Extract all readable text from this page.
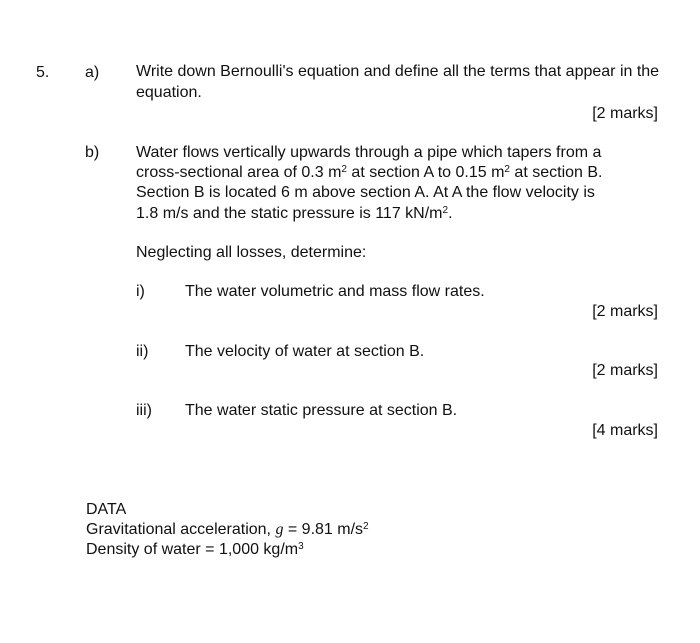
5. a) Write down Bernoulli's equation and define all the terms that appear in the equation.
[2 marks]
b) Water flows vertically upwards through a pipe which tapers from a
cross-sectional area of 0.3 $m^2$ at section A to 0.15 $m^2$ at section B.
Section B is located 6 m above section A. At A the flow velocity is
1.8 m/s and the static pressure is 117 $kN/m^2$.
Neglecting all losses, determine:
i)	The water volumetric and mass flow rates.
[2 marks]
ii) The velocity of water at section B.
[2 marks]
iii) The water static pressure at section B.
[4 marks]
DATA
Gravitational acceleration, g = 9.81 $m/s^2$
Density of water = 1,000 $kg/m^3$
